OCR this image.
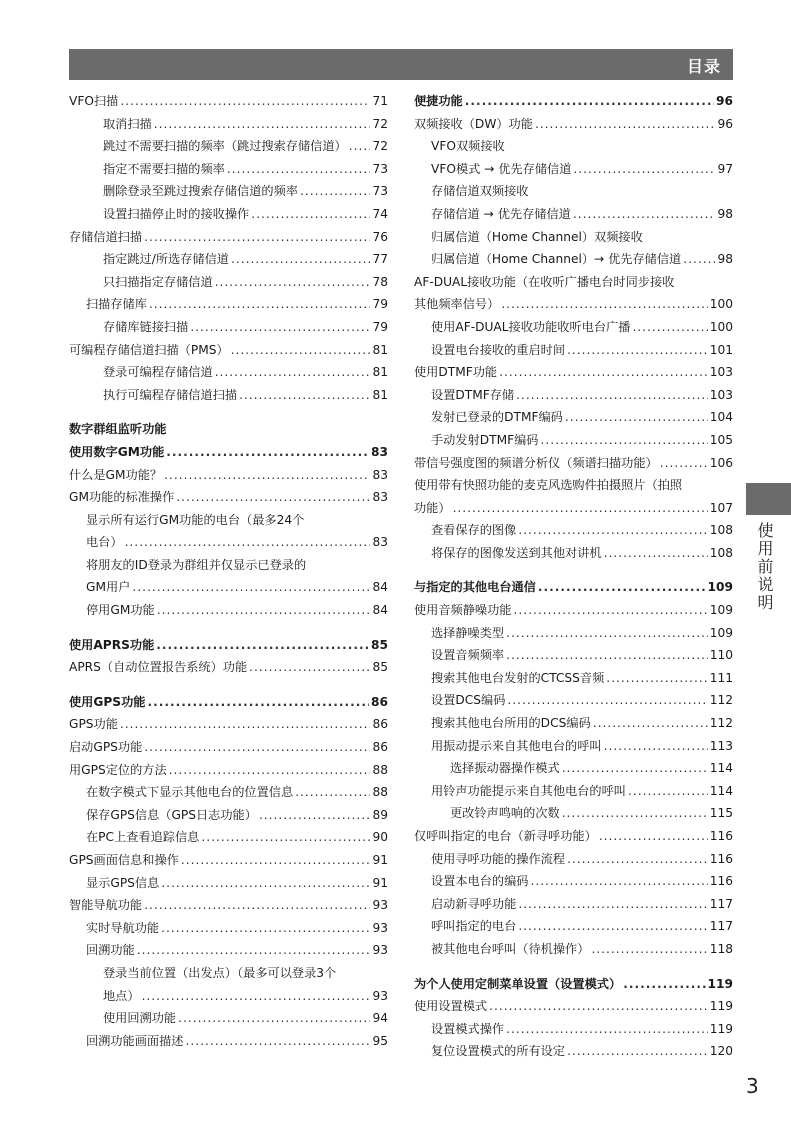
目录
VFO扫描 .....	71
取消扫描 .....	72
跳过不需要扫描的频率（跳过搜索存储信道） ..... 72
指定不需要扫描的频率 .....	73
删除登录至跳过搜索存储信道的频率 .....	73
设置扫描停止时的接收操作 .....	74
存储信道扫描 .....	76
指定跳过/所选存储信道 .....	77
只扫描指定存储信道 .....	78
扫描存储库 .....	79
存储库链接扫描 .....	79
可编程存储信道扫描（PMS） .....	81
登录可编程存储信道 .....	81
执行可编程存储信道扫描 .....	81
数字群组监听功能
使用数字GM功能 .....	83
什么是GM功能？ .....	83
GM功能的标准操作 .....	83
显示所有运行GM功能的电台（最多24个
电台） .....	83
将朋友的ID登录为群组并仅显示已登录的
GM用户 .....	84
停用GM功能 .....	84
使用APRS功能 .....	85
APRS（自动位置报告系统）功能 .....	85
使用GPS功能 .....	86
GPS功能 .....	86
启动GPS功能 .....	86
用GPS定位的方法 .....	88
在数字模式下显示其他电台的位置信息 .....	88
保存GPS信息（GPS日志功能） .....	89
在PC上查看追踪信息 .....	90
GPS画面信息和操作 .....	91
显示GPS信息 .....	91
智能导航功能 .....	93
实时导航功能 .....	93
回溯功能 .....	93
登录当前位置（出发点）（最多可以登录3个
地点） .....	93
使用回溯功能 .....	94
回溯功能画面描述 .....	95
便捷功能 .....	96
双频接收（DW）功能 .....	96
VFO双频接收
VFO模式 → 优先存储信道 .....	97
存储信道双频接收
存储信道 → 优先存储信道 .....	98
归属信道（Home Channel）双频接收
归属信道（Home Channel）→ 优先存储信道 .....	98
AF-DUAL接收功能（在收听广播电台时同步接收
其他频率信号） .....	100
使用AF-DUAL接收功能收听电台广播 .....	100
设置电台接收的重启时间 .....	101
使用DTMF功能 .....	103
设置DTMF存储 .....	103
发射已登录的DTMF编码 .....	104
手动发射DTMF编码 .....	105
带信号强度图的频谱分析仪（频谱扫描功能） .....	106
使用带有快照功能的麦克风选购件拍摄照片（拍照
功能） .....	107
查看保存的图像 .....	108
将保存的图像发送到其他对讲机 .....	108
与指定的其他电台通信 .....	109
使用音频静噪功能 .....	109
选择静噪类型 .....	109
设置音频频率 .....	110
搜索其他电台发射的CTCSS音频 .....	111
设置DCS编码 .....	112
搜索其他电台所用的DCS编码 .....	112
用振动提示来自其他电台的呼叫 .....	113
选择振动器操作模式 .....	114
用铃声功能提示来自其他电台的呼叫 .....	114
更改铃声鸣响的次数 .....	115
仅呼叫指定的电台（新寻呼功能） .....	116
使用寻呼功能的操作流程 .....	116
设置本电台的编码 .....	116
启动新寻呼功能 .....	117
呼叫指定的电台 .....	117
被其他电台呼叫（待机操作） .....	118
为个人使用定制菜单设置（设置模式） .....	119
使用设置模式 .....	119
设置模式操作 .....	119
复位设置模式的所有设定 .....	120
使用前说明
3
